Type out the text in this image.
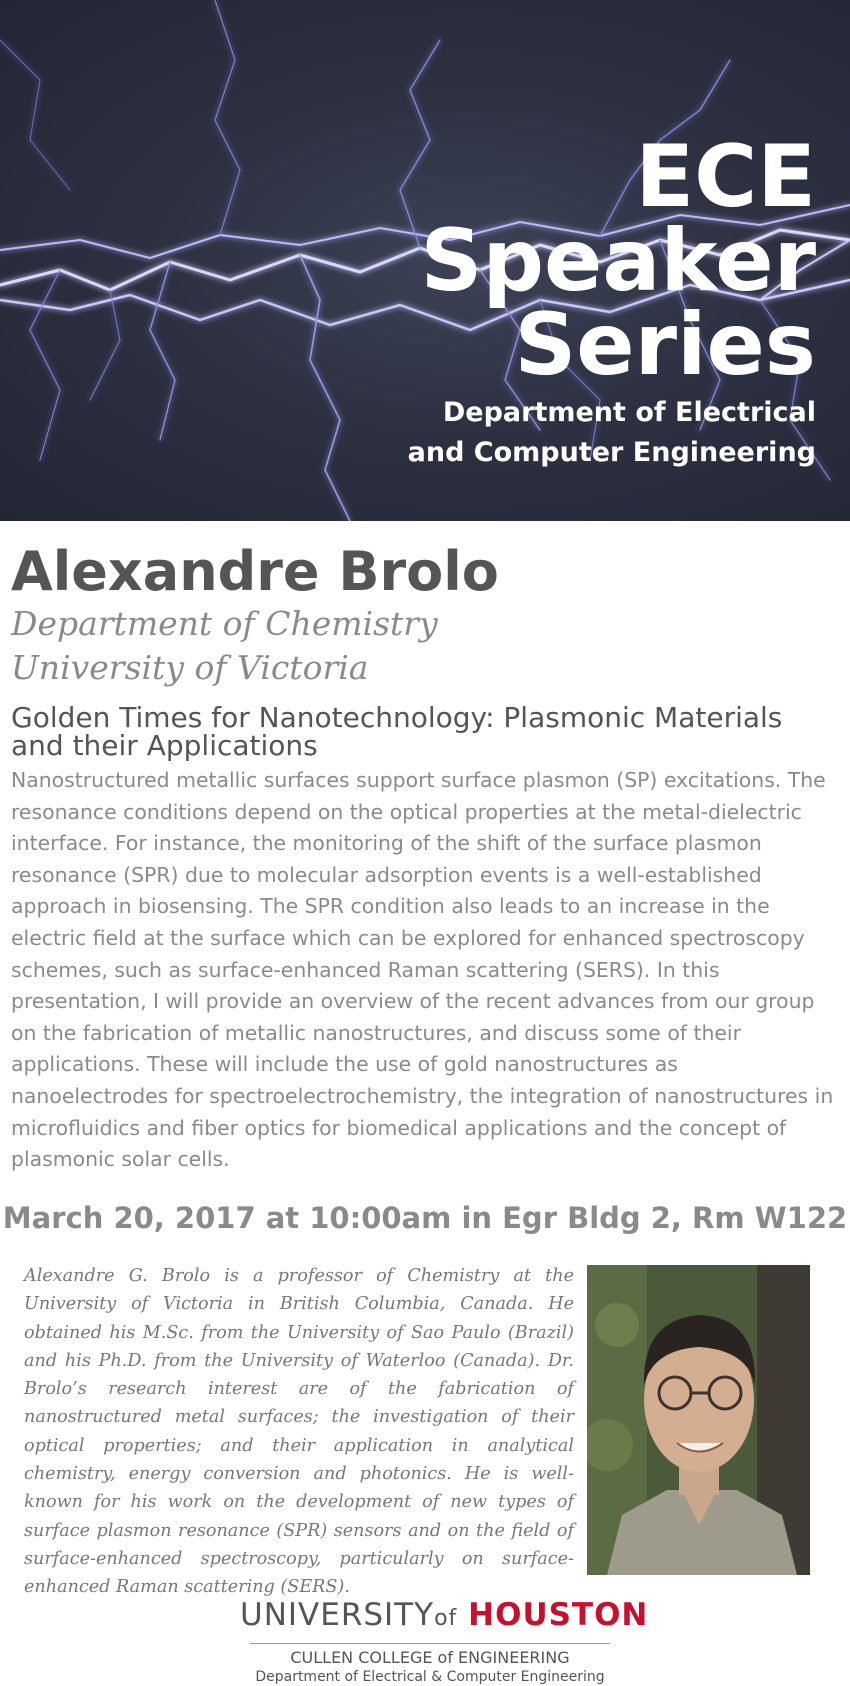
ECE
Speaker
Series
Department of Electrical
and Computer Engineering
Alexandre Brolo
Department of Chemistry
University of Victoria
Golden Times for Nanotechnology: Plasmonic Materials and their Applications
Nanostructured metallic surfaces support surface plasmon (SP) excitations. The resonance conditions depend on the optical properties at the metal-dielectric interface. For instance, the monitoring of the shift of the surface plasmon resonance (SPR) due to molecular adsorption events is a well-established approach in biosensing. The SPR condition also leads to an increase in the electric field at the surface which can be explored for enhanced spectroscopy schemes, such as surface-enhanced Raman scattering (SERS). In this presentation, I will provide an overview of the recent advances from our group on the fabrication of metallic nanostructures, and discuss some of their applications. These will include the use of gold nanostructures as nanoelectrodes for spectroelectrochemistry, the integration of nanostructures in microfluidics and fiber optics for biomedical applications and the concept of plasmonic solar cells.
March 20, 2017 at 10:00am in Egr Bldg 2, Rm W122
Alexandre G. Brolo is a professor of Chemistry at the University of Victoria in British Columbia, Canada. He obtained his M.Sc. from the University of Sao Paulo (Brazil) and his Ph.D. from the University of Waterloo (Canada). Dr. Brolo’s research interest are of the fabrication of nanostructured metal surfaces; the investigation of their optical properties; and their application in analytical chemistry, energy conversion and photonics. He is well-known for his work on the development of new types of surface plasmon resonance (SPR) sensors and on the field of surface-enhanced spectroscopy, particularly on surface-enhanced Raman scattering (SERS).
UNIVERSITYof HOUSTON
CULLEN COLLEGE of ENGINEERING
Department of Electrical & Computer Engineering
